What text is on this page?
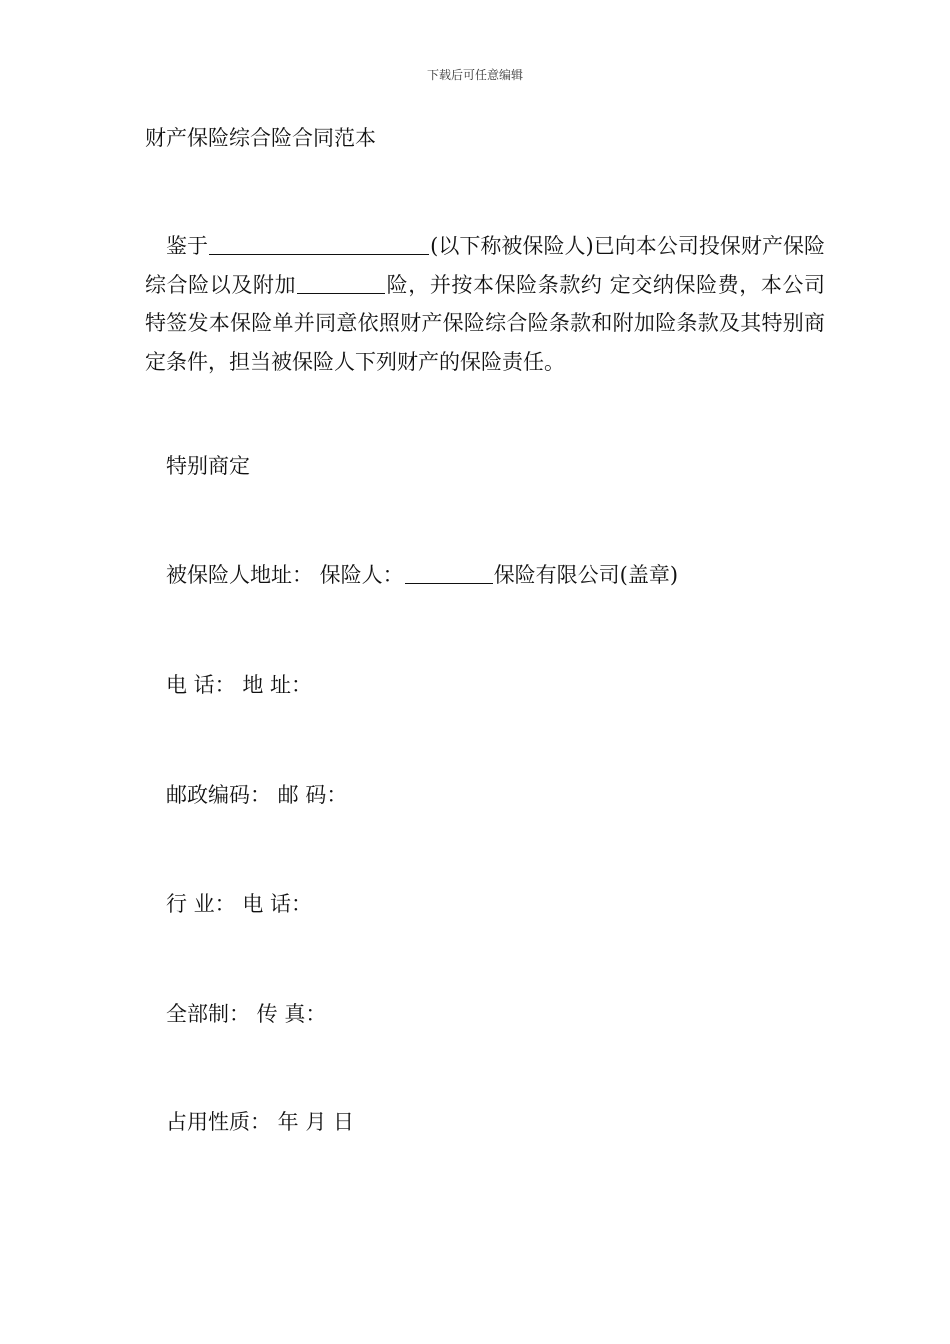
下载后可任意编辑
财产保险综合险合同范本
鉴于	(以下称被保险人)已向本公司投保财产保险综合险以及附加	险，并按本保险条款约 定交纳保险费，本公司特签发本保险单并同意依照财产保险综合险条款和附加险条款及其特别商定条件，担当被保险人下列财产的保险责任。
特别商定
被保险人地址： 保险人：	保险有限公司(盖章)
电 话： 地 址：
邮政编码： 邮 码：
行 业： 电 话：
全部制： 传 真：
占用性质： 年 月 日
